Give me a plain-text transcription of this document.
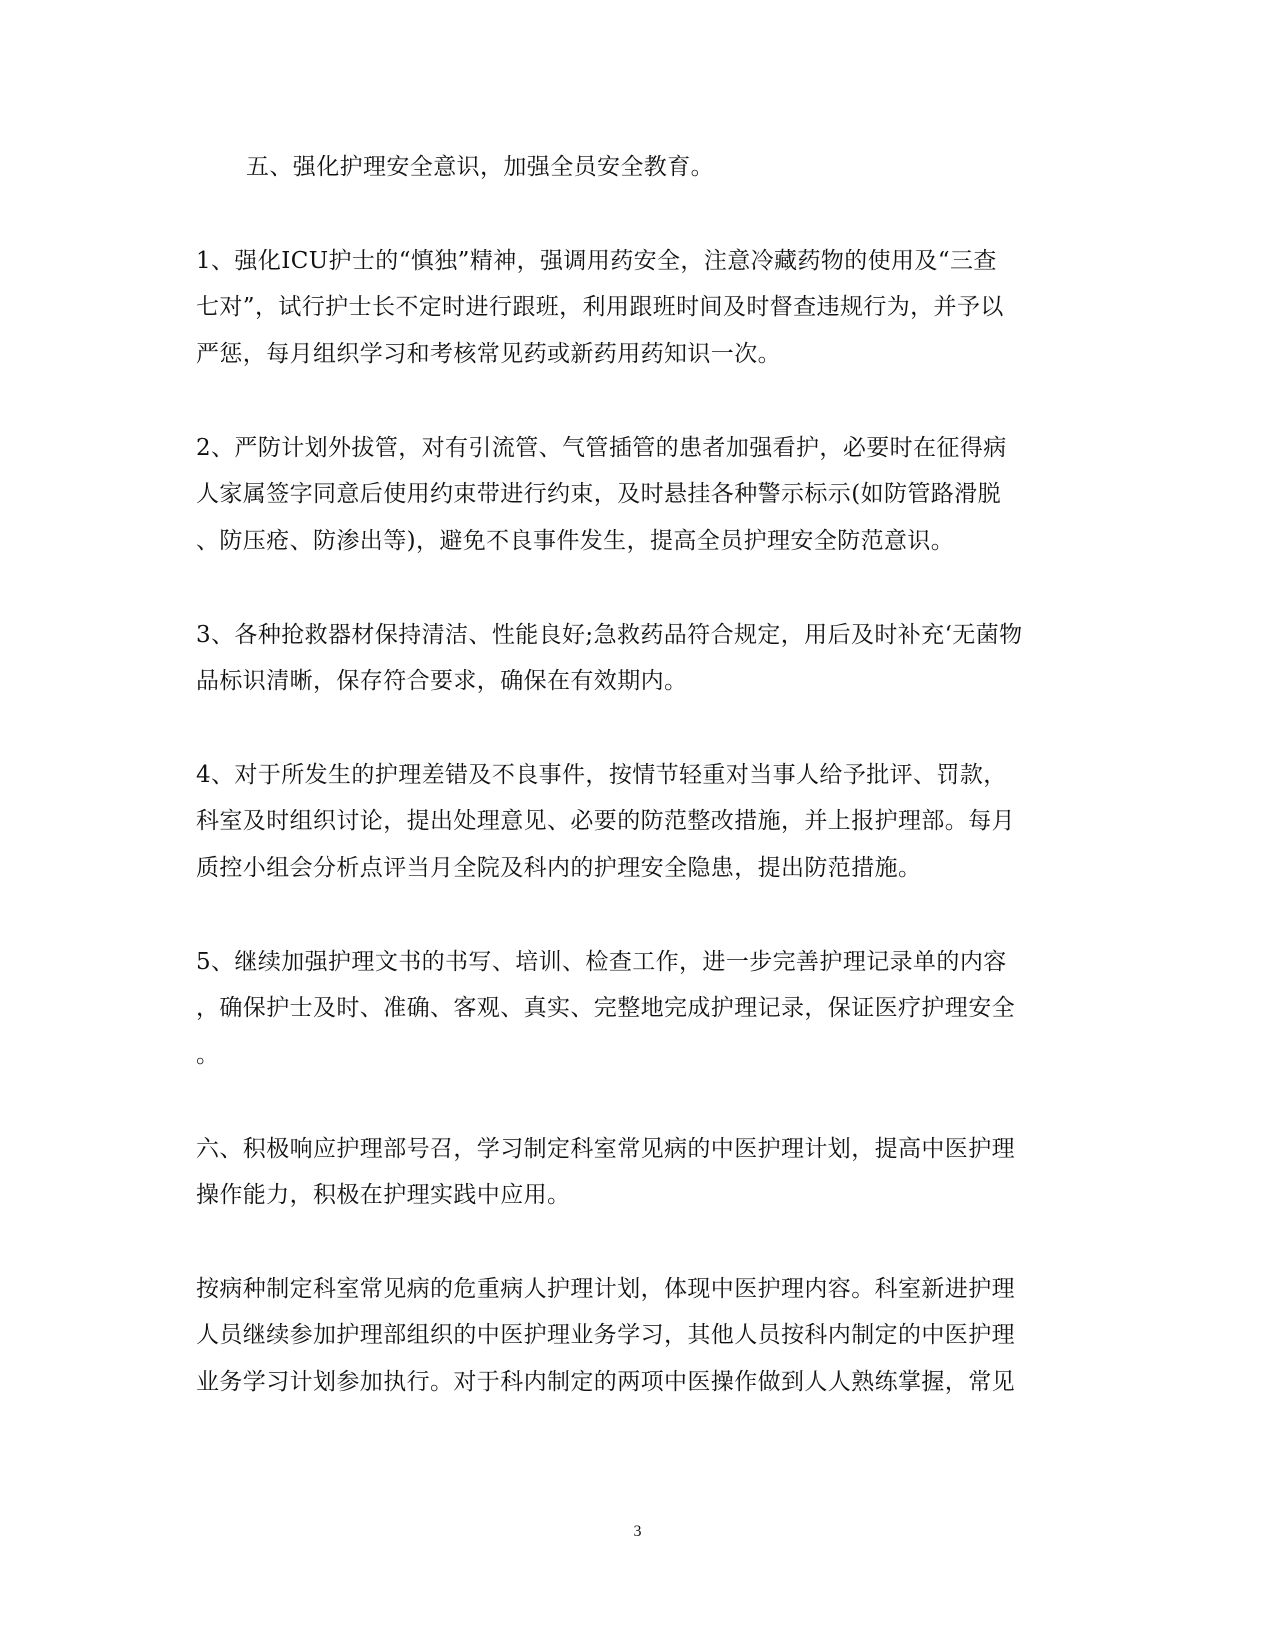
五、强化护理安全意识，加强全员安全教育。
1、强化ICU护士的“慎独”精神，强调用药安全，注意冷藏药物的使用及“三查
七对”，试行护士长不定时进行跟班，利用跟班时间及时督查违规行为，并予以
严惩，每月组织学习和考核常见药或新药用药知识一次。
2、严防计划外拔管，对有引流管、气管插管的患者加强看护，必要时在征得病
人家属签字同意后使用约束带进行约束，及时悬挂各种警示标示(如防管路滑脱
、防压疮、防渗出等)，避免不良事件发生，提高全员护理安全防范意识。
3、各种抢救器材保持清洁、性能良好;急救药品符合规定，用后及时补充‘无菌物
品标识清晰，保存符合要求，确保在有效期内。
4、对于所发生的护理差错及不良事件，按情节轻重对当事人给予批评、罚款，
科室及时组织讨论，提出处理意见、必要的防范整改措施，并上报护理部。每月
质控小组会分析点评当月全院及科内的护理安全隐患，提出防范措施。
5、继续加强护理文书的书写、培训、检查工作，进一步完善护理记录单的内容
，确保护士及时、准确、客观、真实、完整地完成护理记录，保证医疗护理安全
。
六、积极响应护理部号召，学习制定科室常见病的中医护理计划，提高中医护理
操作能力，积极在护理实践中应用。
按病种制定科室常见病的危重病人护理计划，体现中医护理内容。科室新进护理
人员继续参加护理部组织的中医护理业务学习，其他人员按科内制定的中医护理
业务学习计划参加执行。对于科内制定的两项中医操作做到人人熟练掌握，常见
3
